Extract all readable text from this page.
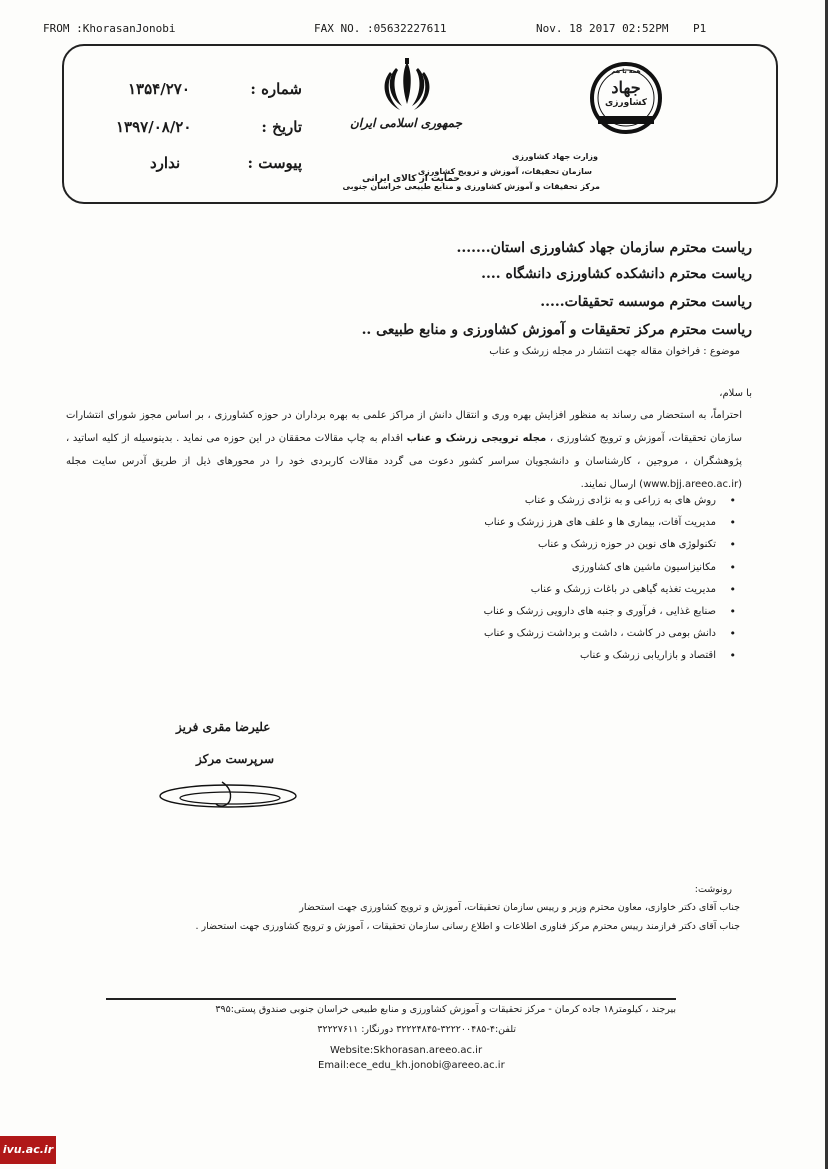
FROM :KhorasanJonobi	FAX NO. :05632227611	Nov. 18 2017 02:52PM P1
شماره :
۱۳۵۴/۲۷۰
تاریخ :
۱۳۹۷/۰۸/۲۰
پیوست :
ندارد
جمهوری اسلامی ایران
حمایت از کالای ایرانی
همه با هم
جهاد
کشاورزی
وزارت جهاد کشاورزی
سازمان تحقیقات، آموزش و ترویج کشاورزی
مرکز تحقیقات و آموزش کشاورزی و منابع طبیعی خراسان جنوبی
ریاست محترم سازمان جهاد کشاورزی استان.......
ریاست محترم دانشکده کشاورزی دانشگاه ....
ریاست محترم موسسه تحقیقات.....
ریاست محترم مرکز تحقیقات و آموزش کشاورزی و منابع طبیعی ..
موضوع : فراخوان مقاله جهت انتشار در مجله زرشک و عناب
با سلام،
احتراماً، به استحضار می رساند به منظور افزایش بهره وری و انتقال دانش از مراکز علمی به بهره برداران در حوزه کشاورزی ، بر اساس مجوز شورای انتشارات سازمان تحقیقات، آموزش و ترویج کشاورزی ، مجله ترویجی زرشک و عناب اقدام به چاپ مقالات محققان در این حوزه می نماید . بدینوسیله از کلیه اساتید ، پژوهشگران ، مروجین ، کارشناسان و دانشجویان سراسر کشور دعوت می گردد مقالات کاربردی خود را در محورهای ذیل از طریق آدرس سایت مجله (www.bjj.areeo.ac.ir) ارسال نمایند.
• روش های به زراعی و به نژادی زرشک و عناب
• مدیریت آفات، بیماری ها و علف های هرز زرشک و عناب
• تکنولوژی های نوین در حوزه زرشک و عناب
• مکانیزاسیون ماشین های کشاورزی
• مدیریت تغذیه گیاهی در باغات زرشک و عناب
• صنایع غذایی ، فرآوری و جنبه های دارویی زرشک و عناب
• دانش بومی در کاشت ، داشت و برداشت زرشک و عناب
• اقتصاد و بازاریابی زرشک و عناب
علیرضا مقری فریز
سرپرست مرکز
رونوشت:
جناب آقای دکتر خاوازی، معاون محترم وزیر و رییس سازمان تحقیقات، آموزش و ترویج کشاورزی جهت استحضار
جناب آقای دکتر فرازمند رییس محترم مرکز فناوری اطلاعات و اطلاع رسانی سازمان تحقیقات ، آموزش و ترویج کشاورزی جهت استحضار .
بیرجند ، کیلومتر۱۸ جاده کرمان - مرکز تحقیقات و آموزش کشاورزی و منابع طبیعی خراسان جنوبی صندوق پستی:۳۹۵
تلفن:۴-۳۲۲۲۰۰۴۸۵-۳۲۲۲۴۸۴۵ دورنگار: ۳۲۲۲۷۶۱۱
Website:Skhorasan.areeo.ac.ir
Email:ece_edu_kh.jonobi@areeo.ac.ir
ivu.ac.ir
